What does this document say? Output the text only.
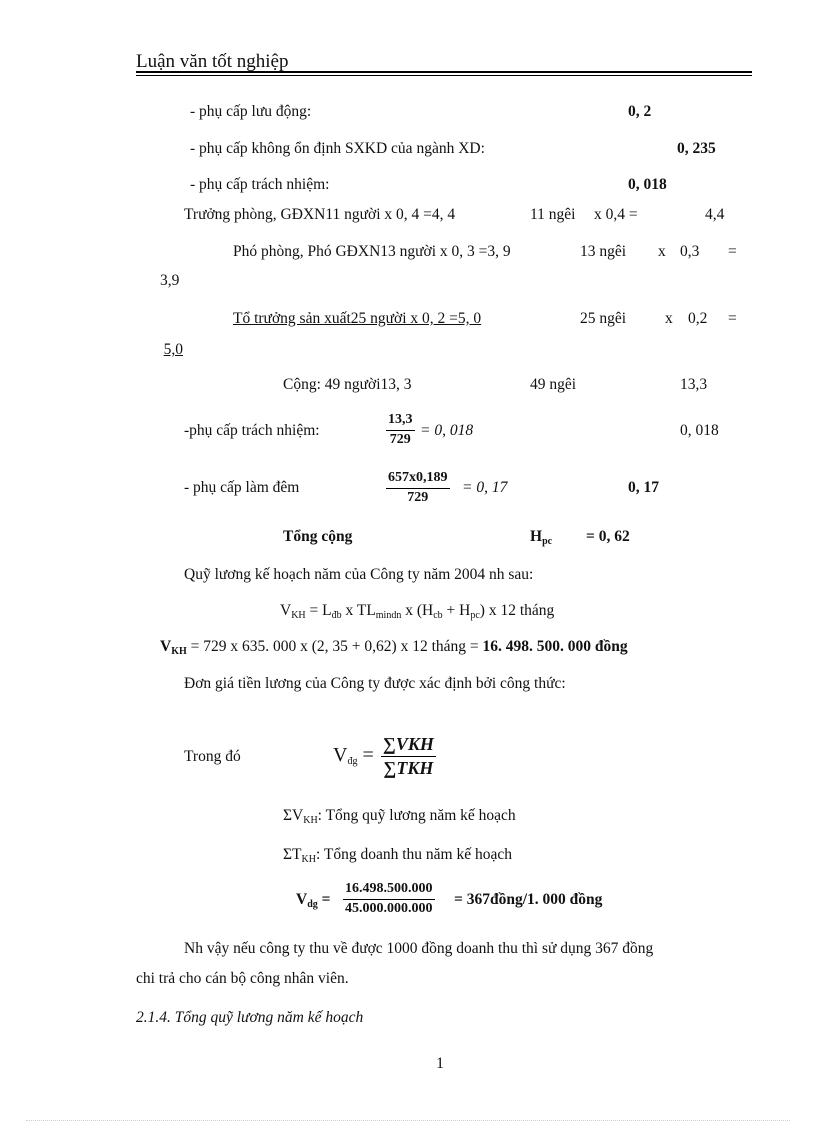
Luận văn tốt nghiệp
- phụ cấp lưu động:	0, 2
- phụ cấp không ổn định SXKD của ngành XD:	0, 235
- phụ cấp trách nhiệm:	0, 018
Trưởng phòng, GĐXN11 người x 0, 4 =4, 4	11 ngêi x 0,4 =	4,4
Phó phòng, Phó GĐXN13 người x 0, 3 =3, 9	13 ngêi x 0,3 =
3,9
Tổ trưởng sản xuất25 người x 0, 2 =5, 0	25 ngêi	x 0,2 =
5,0
Cộng: 49 người13, 3	49 ngêi	13,3
-phụ cấp trách nhiệm:	$\frac{13,3}{729} = 0$, 018	0, 018
- phụ cấp làm đêm	$\frac{657x0,189}{729} = 0$, 17	0, 17
Tổng cộng	$H_{pc} = 0$, 62
Quỹ lương kế hoạch năm của Công ty năm 2004 nh sau:
$V_{KH} = L_{đb}$ x $TL_{mindn}$ x $(H_{cb} + H_{pc})$ x 12 tháng
$V_{KH} = 729$ x 635. 000 x (2, 35 + 0,62) x 12 tháng = 16. 498. 500. 000 đồng
Đơn giá tiền lương của Công ty được xác định bởi công thức:
Trong đó	$V_{đg} = \sum VKH$
∑TKH
$\Sigma V_{KH}$: Tổng quỹ lương năm kế hoạch
$\Sigma T_{KH}$: Tổng doanh thu năm kế hoạch
$V_{dg} = \frac{16.498.500.000}{45.000.000.000}$ = 367đồng/1. 000 đồng
Nh vậy nếu công ty thu về được 1000 đồng doanh thu thì sử dụng 367 đồng
chi trả cho cán bộ công nhân viên.
2.1.4. Tổng quỹ lương năm kế hoạch
1
